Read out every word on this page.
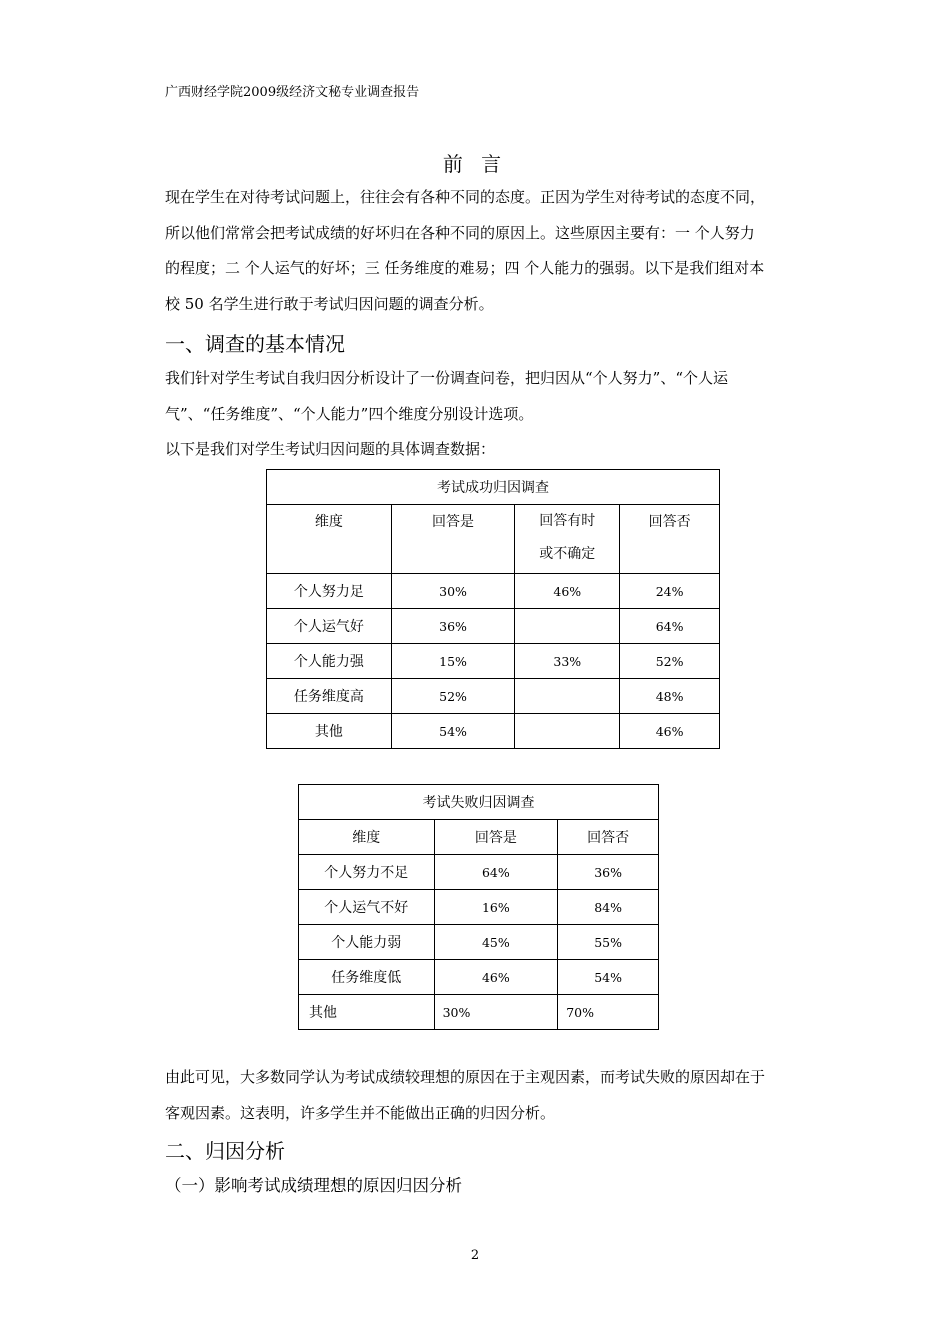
广西财经学院2009级经济文秘专业调查报告
前 言
现在学生在对待考试问题上，往往会有各种不同的态度。正因为学生对待考试的态度不同，
所以他们常常会把考试成绩的好坏归在各种不同的原因上。这些原因主要有：一 个人努力
的程度；二 个人运气的好坏；三 任务维度的难易；四 个人能力的强弱。以下是我们组对本
校 50 名学生进行敢于考试归因问题的调查分析。
一、调查的基本情况
我们针对学生考试自我归因分析设计了一份调查问卷，把归因从“个人努力”、“个人运
气”、“任务维度”、“个人能力”四个维度分别设计选项。
以下是我们对学生考试归因问题的具体调查数据：
考试成功归因调查			
维度	回答是	回答有时
或不确定	回答否
个人努力足	30%	46%	24%
个人运气好	36%		64%
个人能力强	15%	33%	52%
任务维度高	52%		48%
其他	54%		46%
考试失败归因调查		
维度	回答是	回答否
个人努力不足	64%	36%
个人运气不好	16%	84%
个人能力弱	45%	55%
任务维度低	46%	54%
其他	30%	70%
由此可见，大多数同学认为考试成绩较理想的原因在于主观因素，而考试失败的原因却在于
客观因素。这表明，许多学生并不能做出正确的归因分析。
二、归因分析
（一）影响考试成绩理想的原因归因分析
2
